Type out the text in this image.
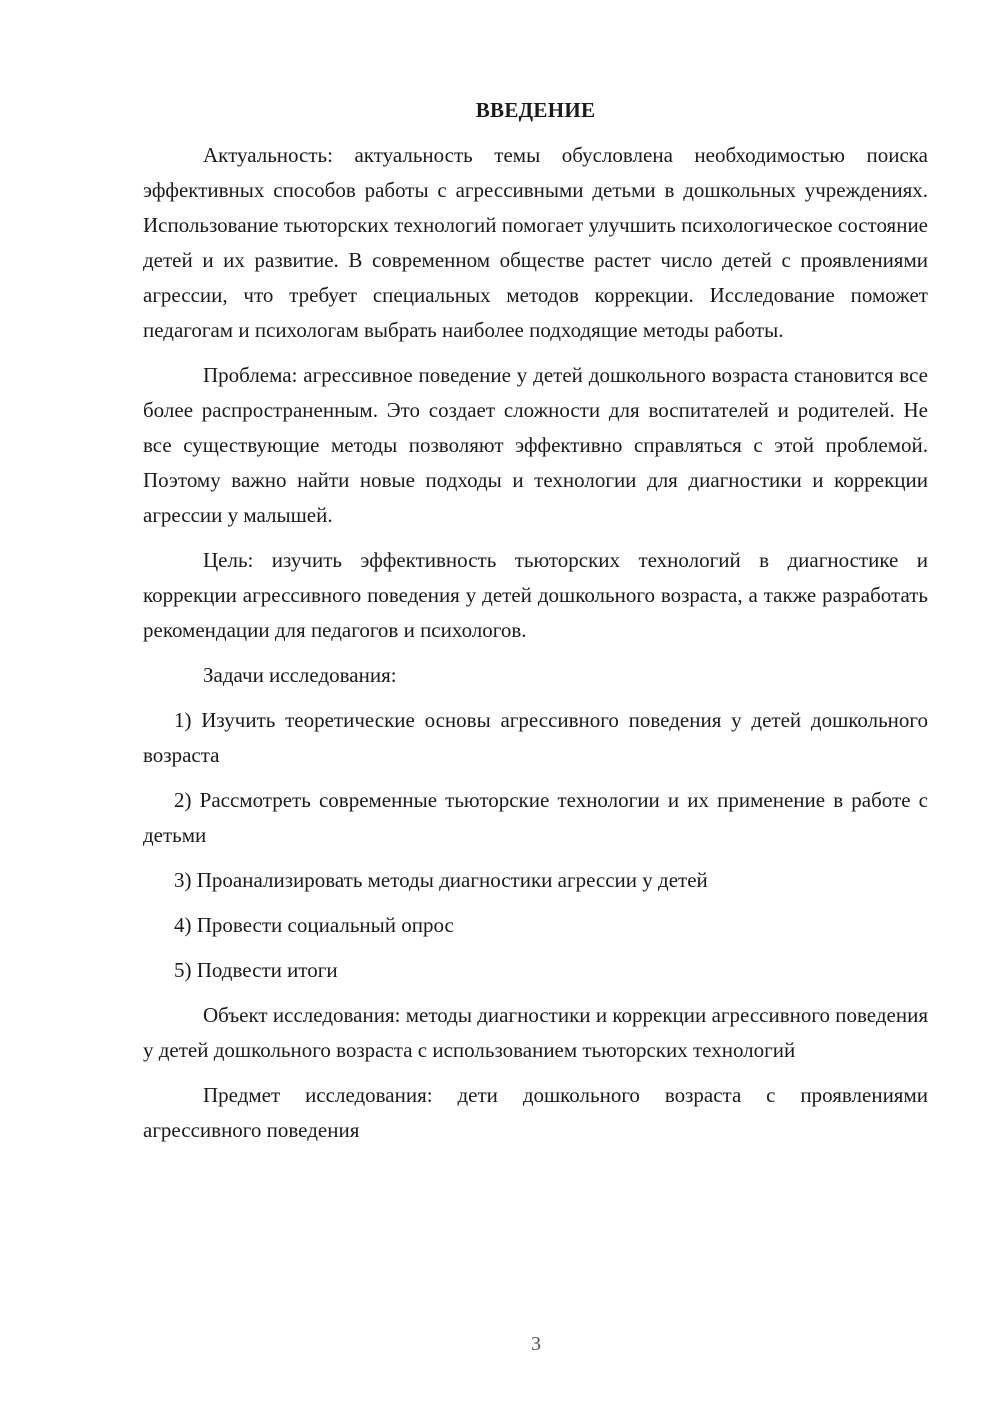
ВВЕДЕНИЕ

Актуальность: актуальность темы обусловлена необходимостью поиска эффективных способов работы с агрессивными детьми в дошкольных учреждениях. Использование тьюторских технологий помогает улучшить психологическое состояние детей и их развитие. В современном обществе растет число детей с проявлениями агрессии, что требует специальных методов коррекции. Исследование поможет педагогам и психологам выбрать наиболее подходящие методы работы.

Проблема: агрессивное поведение у детей дошкольного возраста становится все более распространенным. Это создает сложности для воспитателей и родителей. Не все существующие методы позволяют эффективно справляться с этой проблемой. Поэтому важно найти новые подходы и технологии для диагностики и коррекции агрессии у малышей.

Цель: изучить эффективность тьюторских технологий в диагностике и коррекции агрессивного поведения у детей дошкольного возраста, а также разработать рекомендации для педагогов и психологов.

Задачи исследования:

1) Изучить теоретические основы агрессивного поведения у детей дошкольного возраста

2) Рассмотреть современные тьюторские технологии и их применение в работе с детьми

3) Проанализировать методы диагностики агрессии у детей

4) Провести социальный опрос

5) Подвести итоги

Объект исследования: методы диагностики и коррекции агрессивного поведения у детей дошкольного возраста с использованием тьюторских технологий

Предмет исследования: дети дошкольного возраста с проявлениями агрессивного поведения

3
